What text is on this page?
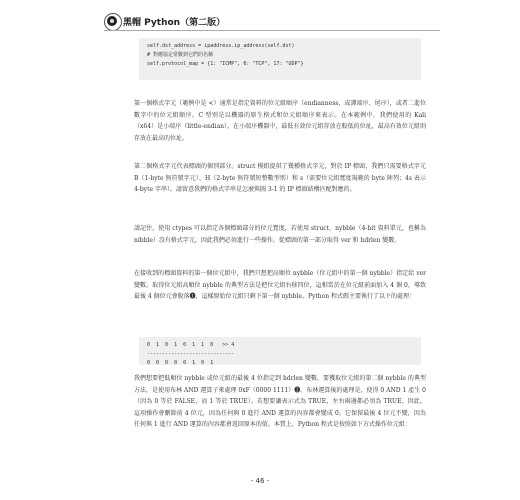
黑帽 Python（第二版）
self.dst_address = ipaddress.ip_address(self.dst)
# 對應協定常數到它們的名稱
self.protocol_map = {1: "ICMP", 6: "TCP", 17: "UDP"}

第一個格式字元（範例中是 <）通常是指定資料的位元組順序（endianness，或譯端序、尾序），或者二進位數字中的位元組順序。C 型別是以機器的原生格式和位元組順序來表示。在本範例中，我們使用的 Kali（x64）是小端序（little-endian）。在小端序機器中，最低有效位元組存放在較低的位址，最高有效位元組則存放在最高的位址。

第二個格式字元代表標頭的個別部分。struct 模組提供了幾種格式字元，對於 IP 標頭，我們只需要格式字元 B（1-byte 無符號字元）、H（2-byte 無符號短整數型別）和 s（需要位元組寬度規範的 byte 陣列；4s 表示 4-byte 字串）。請留意我們的格式字串是怎麼與圖 3-1 的 IP 標頭結構匹配對應的。

請記住，使用 ctypes 可以指定各個標頭部分的位元寬度，若使用 struct，nybble（4-bit 資料單元，也稱為 nibble）沒有格式字元，因此我們必須進行一些操作，從標頭的第一部分取得 ver 和 hdrlen 變數。

在接收到的標頭資料的第一個位元組中，我們只想把高順位 nybble（位元組中的第一個 nybble）指定給 ver 變數。取得位元組高順位 nybble 的典型方法是把位元組右移四位，這相當於在位元組前面加入 4 個 0，導致最後 4 個位元會脫落❶，這樣原始位元組只剩下第一個 nybble。Python 程式碼主要執行了以下的處理：

0  1  0  1  0  1  1  0   >> 4
-----------------------------
0  0  0  0  0  1  0  1

我們想要把低順位 nybble 或位元組的最後 4 位指定到 hdrlen 變數，要獲取位元組的第二個 nybble 的典型方法，是使用布林 AND 運算子來處理 0xF（0000 1111）❷。布林運算後的處理是，使得 0 AND 1 產生 0（因為 0 等於 FALSE，而 1 等於 TRUE）。若想要讓表示式為 TRUE，左右兩邊都必須為 TRUE。因此，這項操作會刪除前 4 位元，因為任何與 0 進行 AND 運算的內容都會變成 0。它保留最後 4 位元不變，因為任何與 1 進行 AND 運算的內容都會返回原本的值。本質上，Python 程式是按照如下方式操作位元組：

- 46 -
